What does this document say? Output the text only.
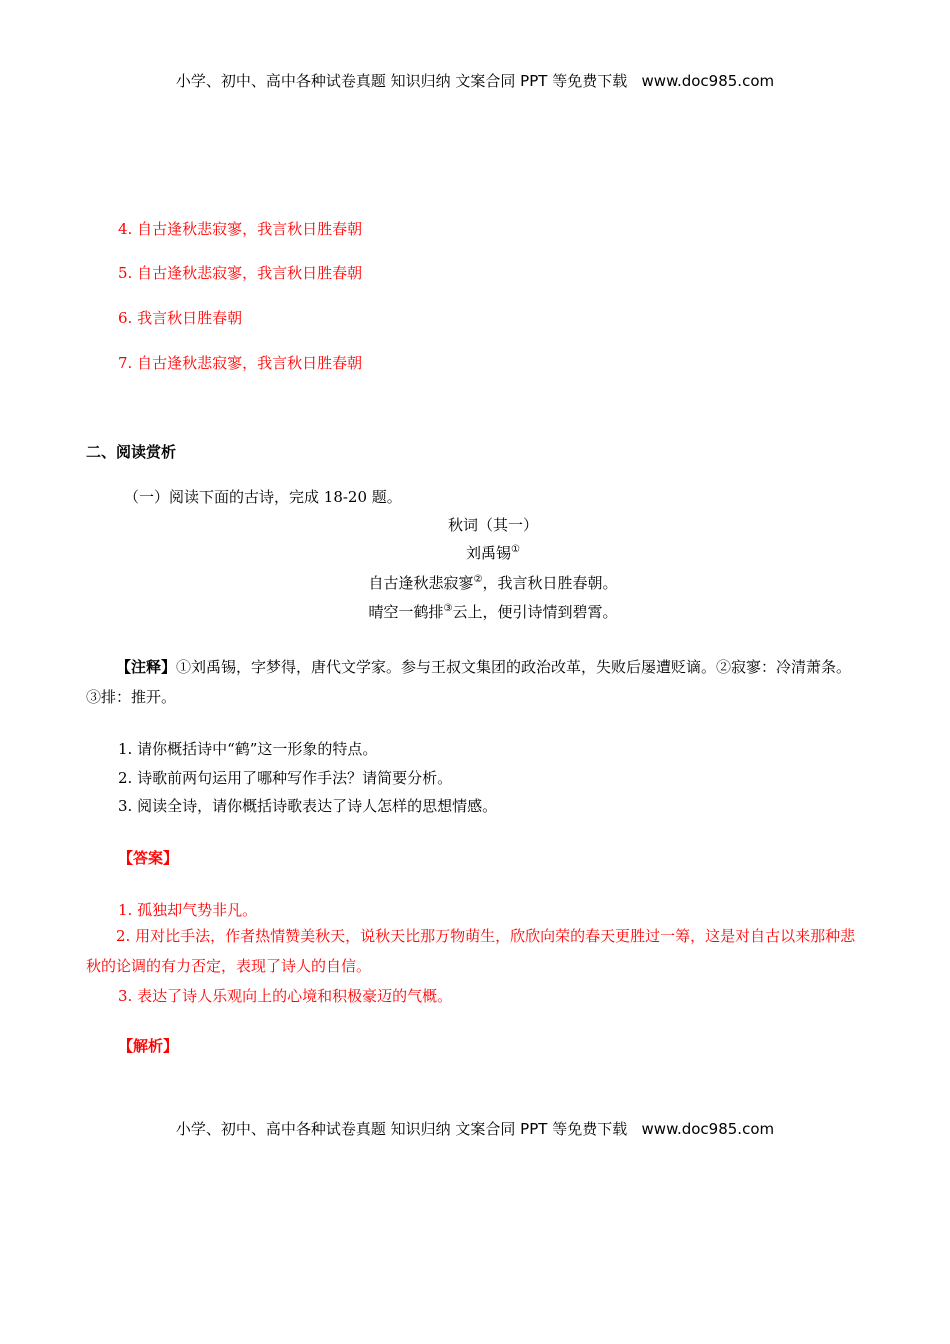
小学、初中、高中各种试卷真题 知识归纳 文案合同 PPT 等免费下载 www.doc985.com
4. 自古逢秋悲寂寥，我言秋日胜春朝
5. 自古逢秋悲寂寥，我言秋日胜春朝
6. 我言秋日胜春朝
7. 自古逢秋悲寂寥，我言秋日胜春朝
二、阅读赏析
（一）阅读下面的古诗，完成 18-20 题。
秋词（其一）
刘禹锡①
自古逢秋悲寂寥②，我言秋日胜春朝。
晴空一鹤排③云上，便引诗情到碧霄。
【注释】①刘禹锡，字梦得，唐代文学家。参与王叔文集团的政治改革，失败后屡遭贬谪。②寂寥：冷清萧条。③排：推开。
1. 请你概括诗中“鹤”这一形象的特点。
2. 诗歌前两句运用了哪种写作手法？请简要分析。
3. 阅读全诗，请你概括诗歌表达了诗人怎样的思想情感。
【答案】
1. 孤独却气势非凡。
2. 用对比手法，作者热情赞美秋天，说秋天比那万物萌生，欣欣向荣的春天更胜过一筹，这是对自古以来那种悲秋的论调的有力否定，表现了诗人的自信。
3. 表达了诗人乐观向上的心境和积极豪迈的气概。
【解析】
小学、初中、高中各种试卷真题 知识归纳 文案合同 PPT 等免费下载 www.doc985.com
